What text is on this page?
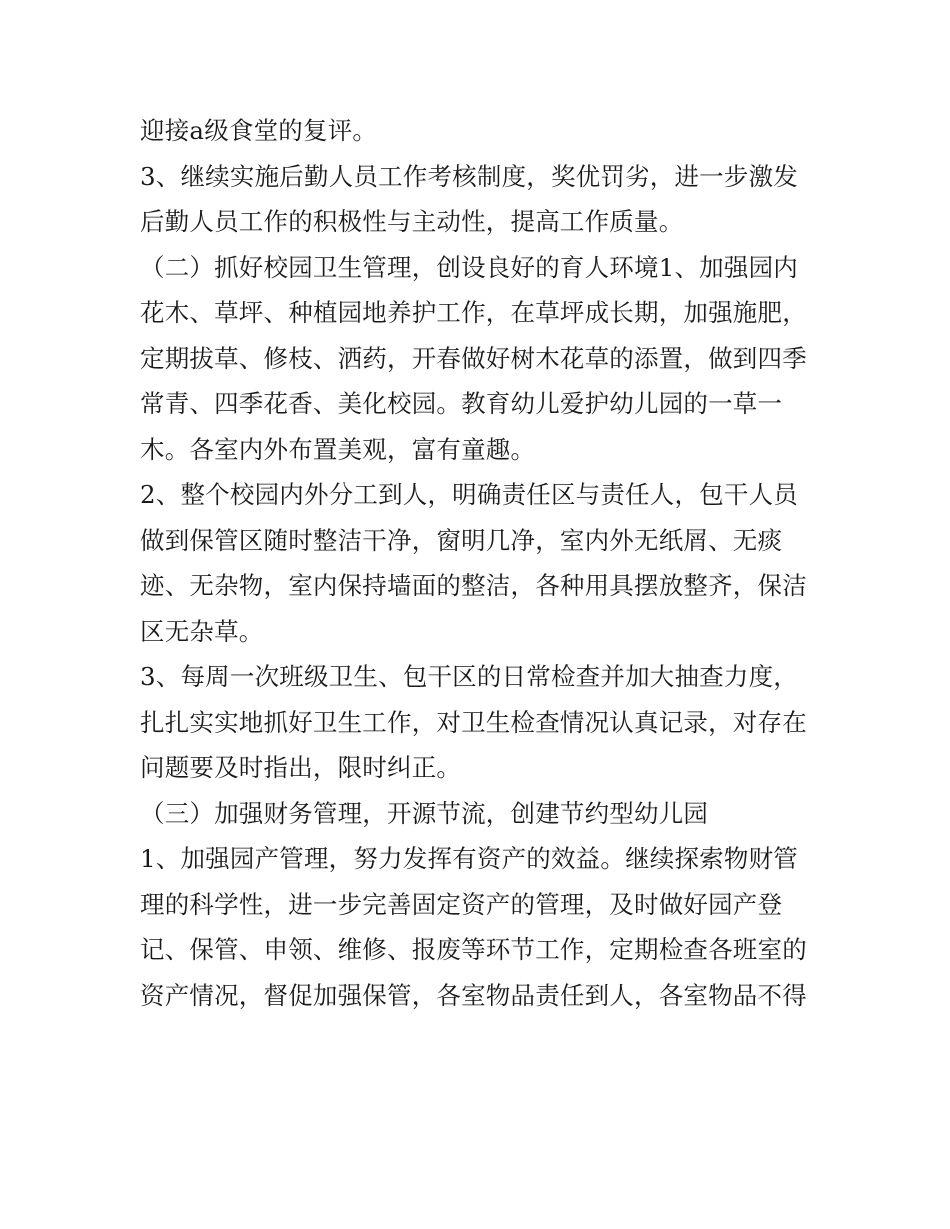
迎接a级食堂的复评。
3、继续实施后勤人员工作考核制度，奖优罚劣，进一步激发
后勤人员工作的积极性与主动性，提高工作质量。
（二）抓好校园卫生管理，创设良好的育人环境1、加强园内
花木、草坪、种植园地养护工作，在草坪成长期，加强施肥，
定期拔草、修枝、洒药，开春做好树木花草的添置，做到四季
常青、四季花香、美化校园。教育幼儿爱护幼儿园的一草一
木。各室内外布置美观，富有童趣。
2、整个校园内外分工到人，明确责任区与责任人，包干人员
做到保管区随时整洁干净，窗明几净，室内外无纸屑、无痰
迹、无杂物，室内保持墙面的整洁，各种用具摆放整齐，保洁
区无杂草。
3、每周一次班级卫生、包干区的日常检查并加大抽查力度，
扎扎实实地抓好卫生工作，对卫生检查情况认真记录，对存在
问题要及时指出，限时纠正。
（三）加强财务管理，开源节流，创建节约型幼儿园
1、加强园产管理，努力发挥有资产的效益。继续探索物财管
理的科学性，进一步完善固定资产的管理，及时做好园产登
记、保管、申领、维修、报废等环节工作，定期检查各班室的
资产情况，督促加强保管，各室物品责任到人，各室物品不得
